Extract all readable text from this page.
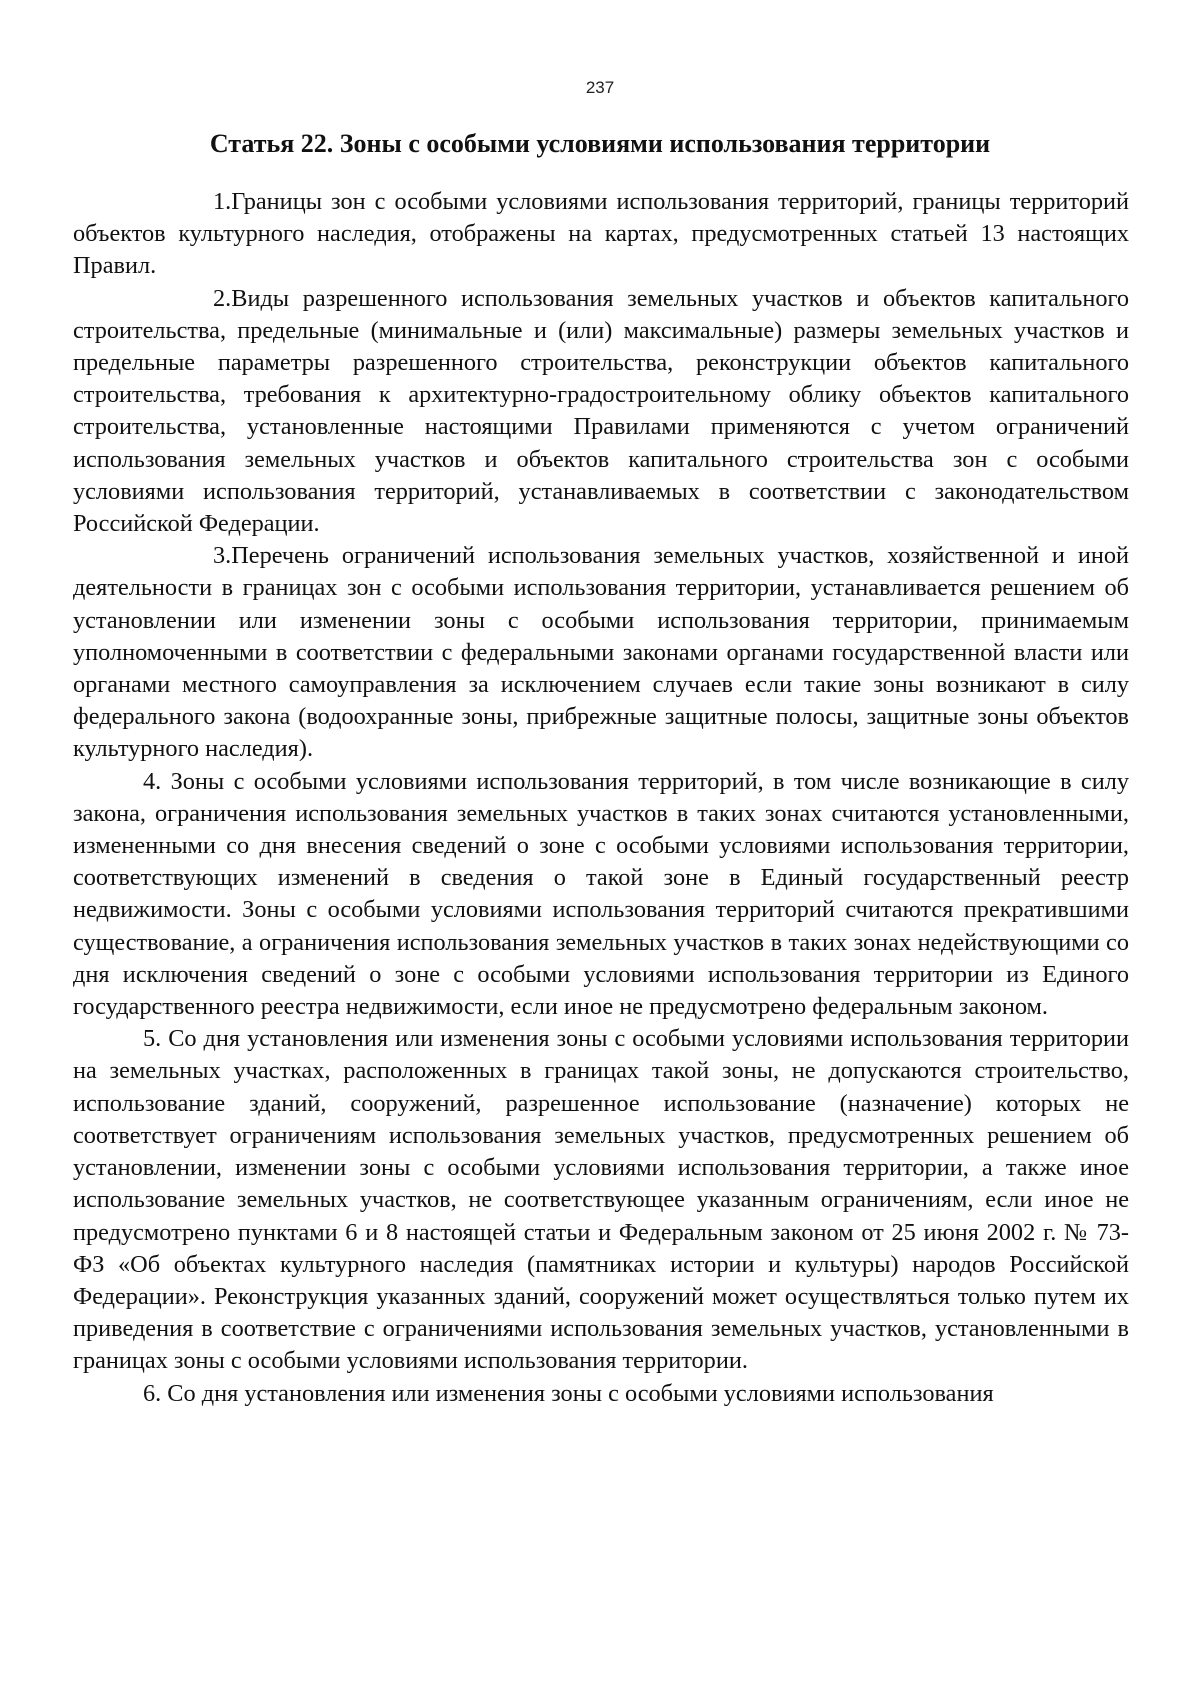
237
Статья 22. Зоны с особыми условиями использования территории

1.Границы зон с особыми условиями использования территорий, границы территорий объектов культурного наследия, отображены на картах, предусмотренных статьей 13 настоящих Правил.

2.Виды разрешенного использования земельных участков и объектов капитального строительства, предельные (минимальные и (или) максимальные) размеры земельных участков и предельные параметры разрешенного строительства, реконструкции объектов капитального строительства, требования к архитектурно-градостроительному облику объектов капитального строительства, установленные настоящими Правилами применяются с учетом ограничений использования земельных участков и объектов капитального строительства зон с особыми условиями использования территорий, устанавливаемых в соответствии с законодательством Российской Федерации.

3.Перечень ограничений использования земельных участков, хозяйственной и иной деятельности в границах зон с особыми использования территории, устанавливается решением об установлении или изменении зоны с особыми использования территории, принимаемым уполномоченными в соответствии с федеральными законами органами государственной власти или органами местного самоуправления за исключением случаев если такие зоны возникают в силу федерального закона (водоохранные зоны, прибрежные защитные полосы, защитные зоны объектов культурного наследия).

4. Зоны с особыми условиями использования территорий, в том числе возникающие в силу закона, ограничения использования земельных участков в таких зонах считаются установленными, измененными со дня внесения сведений о зоне с особыми условиями использования территории, соответствующих изменений в сведения о такой зоне в Единый государственный реестр недвижимости. Зоны с особыми условиями использования территорий считаются прекратившими существование, а ограничения использования земельных участков в таких зонах недействующими со дня исключения сведений о зоне с особыми условиями использования территории из Единого государственного реестра недвижимости, если иное не предусмотрено федеральным законом.

5. Со дня установления или изменения зоны с особыми условиями использования территории на земельных участках, расположенных в границах такой зоны, не допускаются строительство, использование зданий, сооружений, разрешенное использование (назначение) которых не соответствует ограничениям использования земельных участков, предусмотренных решением об установлении, изменении зоны с особыми условиями использования территории, а также иное использование земельных участков, не соответствующее указанным ограничениям, если иное не предусмотрено пунктами 6 и 8 настоящей статьи и Федеральным законом от 25 июня 2002 г. № 73-ФЗ «Об объектах культурного наследия (памятниках истории и культуры) народов Российской Федерации». Реконструкция указанных зданий, сооружений может осуществляться только путем их приведения в соответствие с ограничениями использования земельных участков, установленными в границах зоны с особыми условиями использования территории.

6. Со дня установления или изменения зоны с особыми условиями использования
